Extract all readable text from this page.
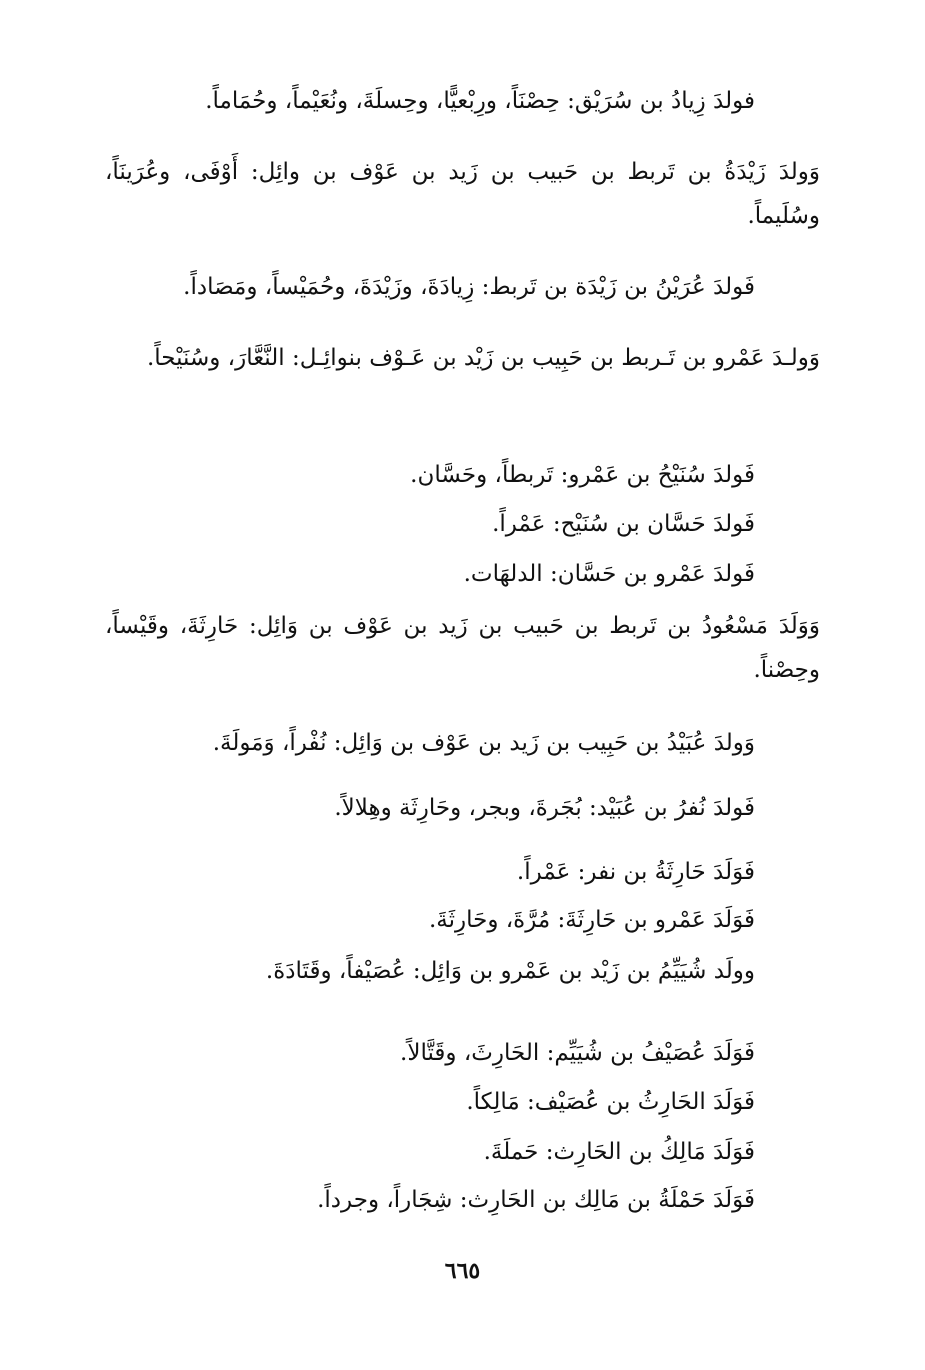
فولدَ زِيادُ بن سُرَيْق: حِصْنَاً، ورِبْعيًّا، وحِسلَةَ، ونُعَيْماً، وحُمَاماً.
وَولدَ زَيْدَةُ بن تَربط بن حَبيب بن زَيد بن عَوْف بن وائِل: أَوْفَى، وعُرَينَاً، وسُلَيماً.
فَولدَ عُرَيْنُ بن زَيْدَة بن تَربط: زِيادَةَ، وزَيْدَةَ، وحُمَيْساً، ومَصَاداً.
وَولـدَ عَمْرو بن تَـربط بن حَبِيب بن زَيْد بن عَـوْف بنوائِـل: النَّعَّارَ، وسُنَيْحاً.
فَولدَ سُنَيْحُ بن عَمْرو: تَربطاً، وحَسَّان.
فَولدَ حَسَّان بن سُنَيْح: عَمْراً.
فَولدَ عَمْرو بن حَسَّان: الدلهَات.
وَوَلَدَ مَسْعُودُ بن تَربط بن حَبيب بن زَيد بن عَوْف بن وَائِل: حَارِثَةَ، وقَيْساً، وحِصْناً.
وَولدَ عُبَيْدُ بن حَبِيب بن زَيد بن عَوْف بن وَائِل: نُفْراً، وَمَولَةَ.
فَولدَ نُفرُ بن عُبَيْد: بُجَرةَ، وبجر، وحَارِثَة وهِلالاً.
فَوَلَدَ حَارِثَةُ بن نفر: عَمْراً.
فَوَلَدَ عَمْرو بن حَارِثَةَ: مُرَّةَ، وحَارِثَةَ.
وولَد شُيَيِّمُ بن زَيْد بن عَمْرو بن وَائِل: عُصَيْفاً، وقَتَادَةَ.
فَوَلَدَ عُصَيْفُ بن شُيَيِّم: الحَارِثَ، وقَتَّالاً.
فَوَلَدَ الحَارِثُ بن عُصَيْف: مَالِكاً.
فَوَلَدَ مَالِكُ بن الحَارِث: حَملَةَ.
فَوَلَدَ حَمْلَةُ بن مَالِك بن الحَارِث: شِجَاراً، وجرداً.
٦٦٥
